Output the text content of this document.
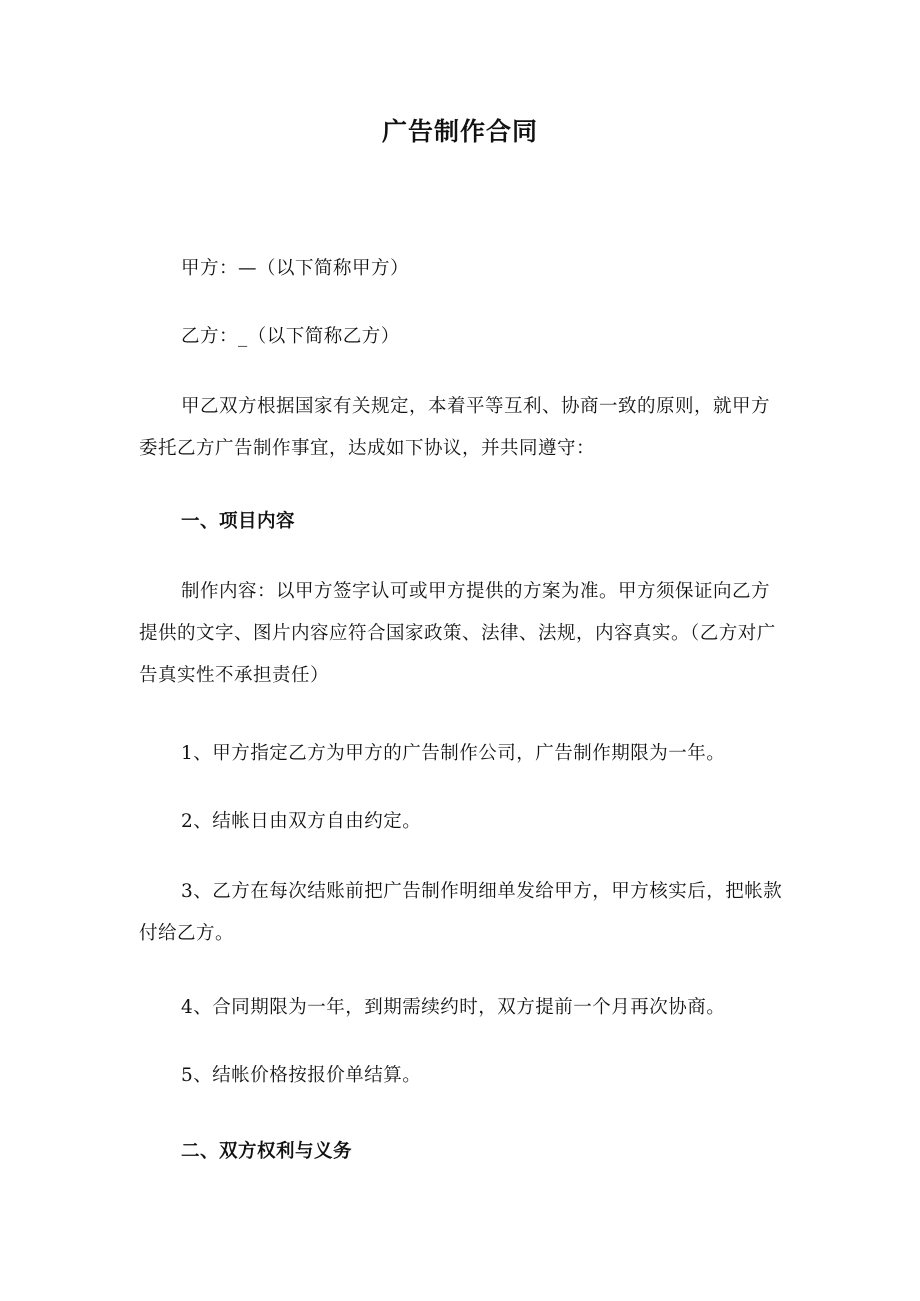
广告制作合同

甲方：—（以下简称甲方）

乙方：_（以下简称乙方）

甲乙双方根据国家有关规定，本着平等互利、协商一致的原则，就甲方委托乙方广告制作事宜，达成如下协议，并共同遵守：

一、项目内容

制作内容：以甲方签字认可或甲方提供的方案为准。甲方须保证向乙方提供的文字、图片内容应符合国家政策、法律、法规，内容真实。（乙方对广告真实性不承担责任）

1、甲方指定乙方为甲方的广告制作公司，广告制作期限为一年。

2、结帐日由双方自由约定。

3、乙方在每次结账前把广告制作明细单发给甲方，甲方核实后，把帐款付给乙方。

4、合同期限为一年，到期需续约时，双方提前一个月再次协商。

5、结帐价格按报价单结算。

二、双方权利与义务
